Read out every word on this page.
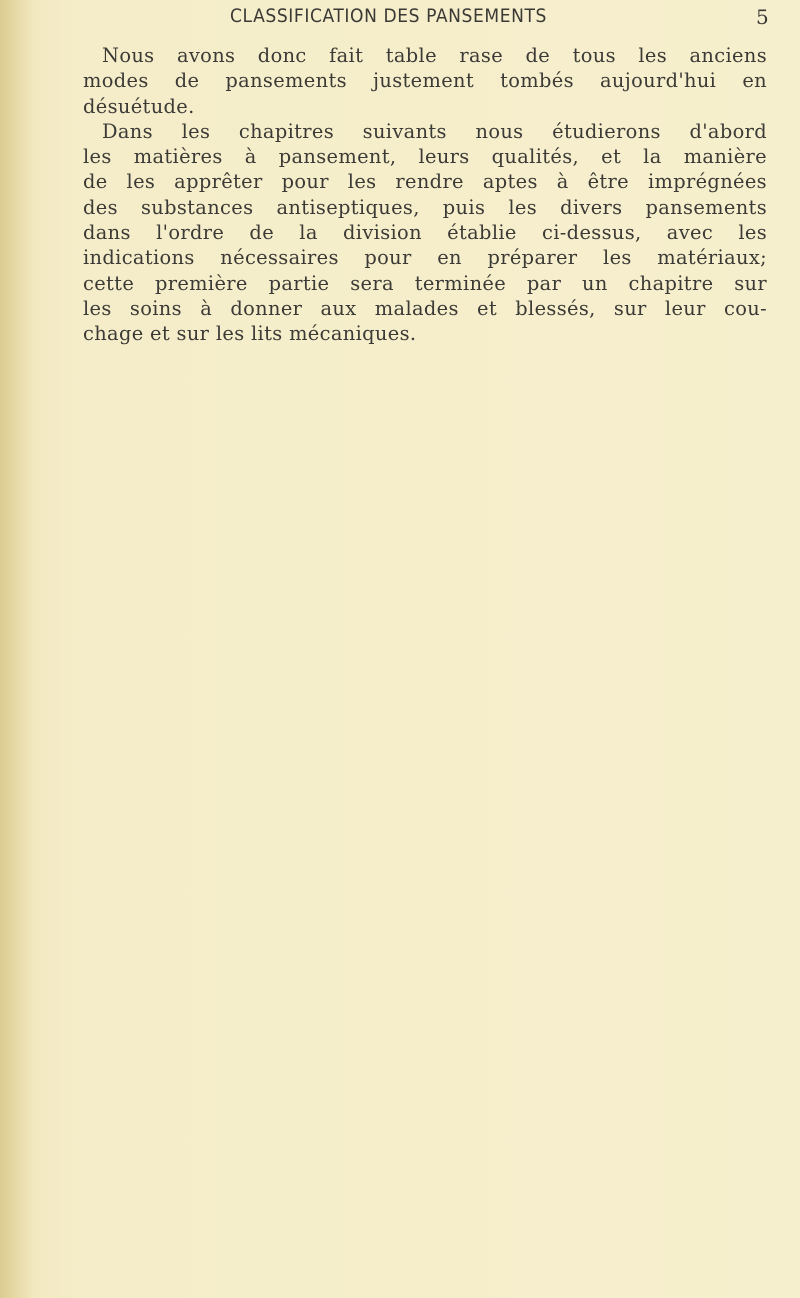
CLASSIFICATION DES PANSEMENTS	5
Nous avons donc fait table rase de tous les anciens
modes de pansements justement tombés aujourd'hui en
désuétude.
Dans les chapitres suivants nous étudierons d'abord
les matières à pansement, leurs qualités, et la manière
de les apprêter pour les rendre aptes à être imprégnées
des substances antiseptiques, puis les divers pansements
dans l'ordre de la division établie ci-dessus, avec les
indications nécessaires pour en préparer les matériaux;
cette première partie sera terminée par un chapitre sur
les soins à donner aux malades et blessés, sur leur cou-
chage et sur les lits mécaniques.
